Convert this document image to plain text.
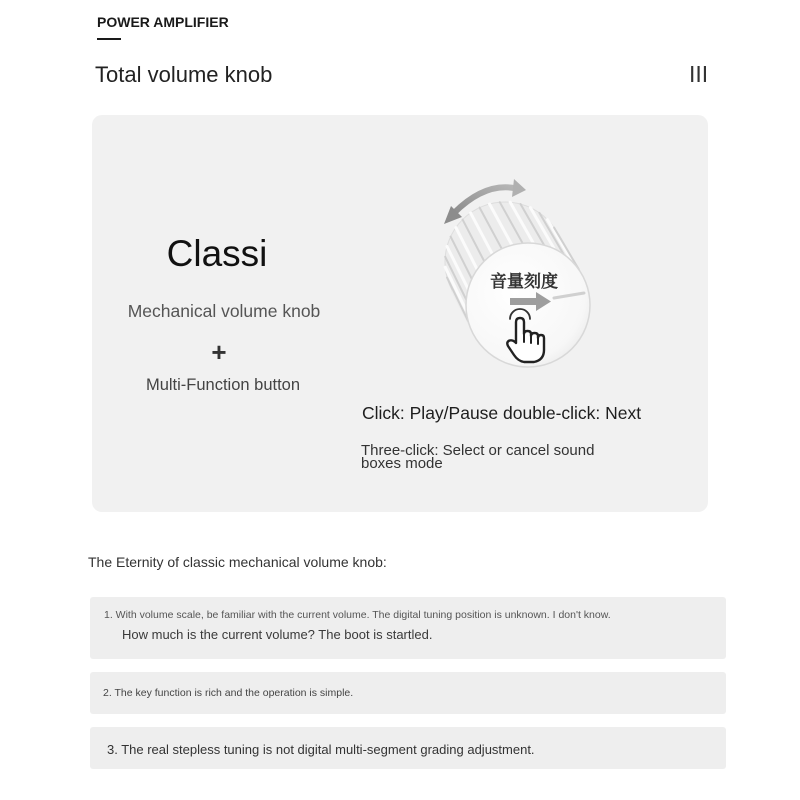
POWER AMPLIFIER
Total volume knob	III
Classi
Mechanical volume knob
+
Multi-Function button
音量刻度
Click: Play/Pause double-click: Next
Three-click: Select or cancel sound boxes mode
The Eternity of classic mechanical volume knob:
1. With volume scale, be familiar with the current volume. The digital tuning position is unknown. I don't know.
How much is the current volume? The boot is startled.
2. The key function is rich and the operation is simple.
3. The real stepless tuning is not digital multi-segment grading adjustment.
